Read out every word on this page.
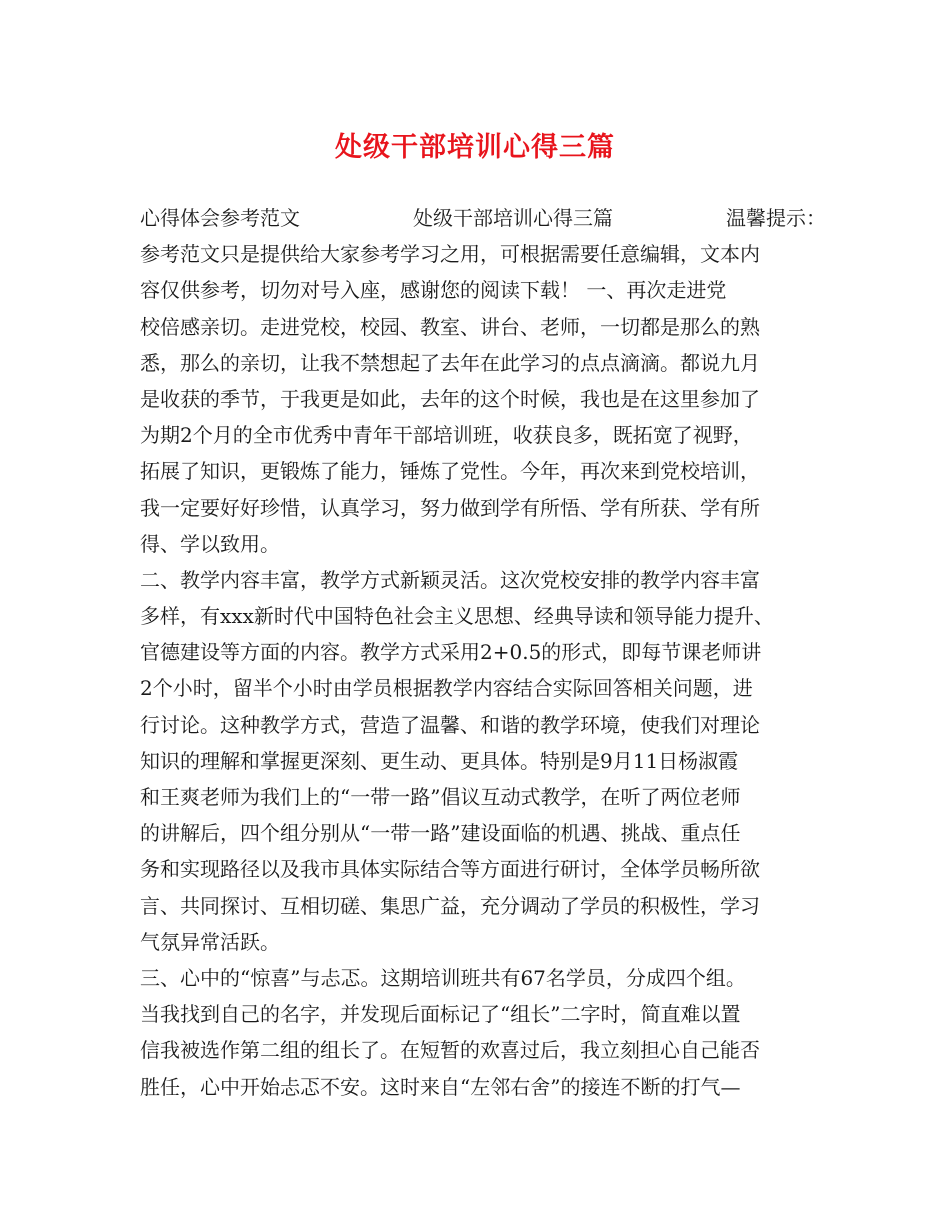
处级干部培训心得三篇
心得体会参考范文	处级干部培训心得三篇	温馨提示：
参考范文只是提供给大家参考学习之用，可根据需要任意编辑，文本内
容仅供参考，切勿对号入座，感谢您的阅读下载！ 一、再次走进党
校倍感亲切。走进党校，校园、教室、讲台、老师，一切都是那么的熟
悉，那么的亲切，让我不禁想起了去年在此学习的点点滴滴。都说九月
是收获的季节，于我更是如此，去年的这个时候，我也是在这里参加了
为期2个月的全市优秀中青年干部培训班，收获良多，既拓宽了视野，
拓展了知识，更锻炼了能力，锤炼了党性。今年，再次来到党校培训，
我一定要好好珍惜，认真学习，努力做到学有所悟、学有所获、学有所
得、学以致用。
二、教学内容丰富，教学方式新颖灵活。这次党校安排的教学内容丰富
多样，有xxx新时代中国特色社会主义思想、经典导读和领导能力提升、
官德建设等方面的内容。教学方式采用2+0.5的形式，即每节课老师讲
2个小时，留半个小时由学员根据教学内容结合实际回答相关问题，进
行讨论。这种教学方式，营造了温馨、和谐的教学环境，使我们对理论
知识的理解和掌握更深刻、更生动、更具体。特别是9月11日杨淑霞
和王爽老师为我们上的“一带一路”倡议互动式教学，在听了两位老师
的讲解后，四个组分别从“一带一路”建设面临的机遇、挑战、重点任
务和实现路径以及我市具体实际结合等方面进行研讨，全体学员畅所欲
言、共同探讨、互相切磋、集思广益，充分调动了学员的积极性，学习
气氛异常活跃。
三、心中的“惊喜”与忐忑。这期培训班共有67名学员，分成四个组。
当我找到自己的名字，并发现后面标记了“组长”二字时，简直难以置
信我被选作第二组的组长了。在短暂的欢喜过后，我立刻担心自己能否
胜任，心中开始忐忑不安。这时来自“左邻右舍”的接连不断的打气—
